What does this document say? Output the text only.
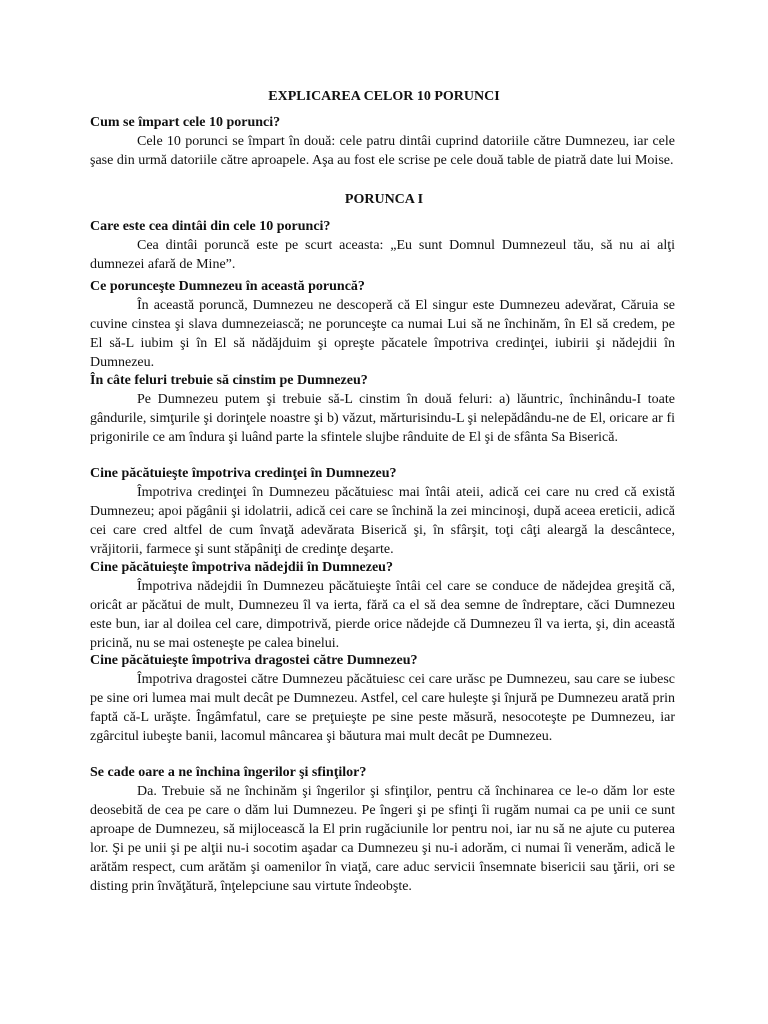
EXPLICAREA CELOR 10 PORUNCI
Cum se împart cele 10 porunci?
Cele 10 porunci se împart în două: cele patru dintâi cuprind datoriile către Dumnezeu, iar cele şase din urmă datoriile către aproapele. Aşa au fost ele scrise pe cele două table de piatră date lui Moise.
PORUNCA I
Care este cea dintâi din cele 10 porunci?
Cea dintâi poruncă este pe scurt aceasta: „Eu sunt Domnul Dumnezeul tău, să nu ai alţi dumnezei afară de Mine”.
Ce porunceşte Dumnezeu în această poruncă?
În această poruncă, Dumnezeu ne descoperă că El singur este Dumnezeu adevărat, Căruia se cuvine cinstea şi slava dumnezeiască; ne porunceşte ca numai Lui să ne închinăm, în El să credem, pe El să-L iubim şi în El să nădăjduim şi opreşte păcatele împotriva credinţei, iubirii şi nădejdii în Dumnezeu.
În câte feluri trebuie să cinstim pe Dumnezeu?
Pe Dumnezeu putem şi trebuie să-L cinstim în două feluri: a) lăuntric, închinându-I toate gândurile, simţurile şi dorinţele noastre şi b) văzut, mărturisindu-L şi nelepădându-ne de El, oricare ar fi prigonirile ce am îndura şi luând parte la sfintele slujbe rânduite de El şi de sfânta Sa Biserică.
Cine păcătuieşte împotriva credinţei în Dumnezeu?
Împotriva credinţei în Dumnezeu păcătuiesc mai întâi ateii, adică cei care nu cred că există Dumnezeu; apoi păgânii şi idolatrii, adică cei care se închină la zei mincinoşi, după aceea ereticii, adică cei care cred altfel de cum învaţă adevărata Biserică şi, în sfârşit, toţi câţi aleargă la descântece, vrăjitorii, farmece şi sunt stăpâniţi de credinţe deşarte.
Cine păcătuieşte împotriva nădejdii în Dumnezeu?
Împotriva nădejdii în Dumnezeu păcătuieşte întâi cel care se conduce de nădejdea greşită că, oricât ar păcătui de mult, Dumnezeu îl va ierta, fără ca el să dea semne de îndreptare, căci Dumnezeu este bun, iar al doilea cel care, dimpotrivă, pierde orice nădejde că Dumnezeu îl va ierta, şi, din această pricină, nu se mai osteneşte pe calea binelui.
Cine păcătuieşte împotriva dragostei către Dumnezeu?
Împotriva dragostei către Dumnezeu păcătuiesc cei care urăsc pe Dumnezeu, sau care se iubesc pe sine ori lumea mai mult decât pe Dumnezeu. Astfel, cel care huleşte şi înjură pe Dumnezeu arată prin faptă că-L urăşte. Îngâmfatul, care se preţuieşte pe sine peste măsură, nesocoteşte pe Dumnezeu, iar zgârcitul iubeşte banii, lacomul mâncarea şi băutura mai mult decât pe Dumnezeu.
Se cade oare a ne închina îngerilor şi sfinţilor?
Da. Trebuie să ne închinăm şi îngerilor şi sfinţilor, pentru că închinarea ce le-o dăm lor este deosebită de cea pe care o dăm lui Dumnezeu. Pe îngeri şi pe sfinţi îi rugăm numai ca pe unii ce sunt aproape de Dumnezeu, să mijlocească la El prin rugăciunile lor pentru noi, iar nu să ne ajute cu puterea lor. Şi pe unii şi pe alţii nu-i socotim aşadar ca Dumnezeu şi nu-i adorăm, ci numai îi venerăm, adică le arătăm respect, cum arătăm şi oamenilor în viaţă, care aduc servicii însemnate bisericii sau ţării, ori se disting prin învăţătură, înţelepciune sau virtute îndeobşte.
